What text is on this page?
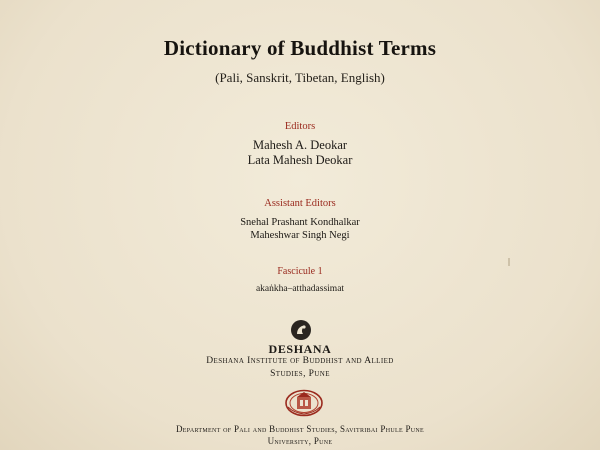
Dictionary of Buddhist Terms
(Pali, Sanskrit, Tibetan, English)
Editors
Mahesh A. Deokar
Lata Mahesh Deokar
Assistant Editors
Snehal Prashant Kondhalkar
Maheshwar Singh Negi
Fascicule 1
akaṅkha–atthadassimat
DESHANA
Deshana Institute of Buddhist and Allied
Studies, Pune
Department of Pali and Buddhist Studies, Savitribai Phule Pune
University, Pune
